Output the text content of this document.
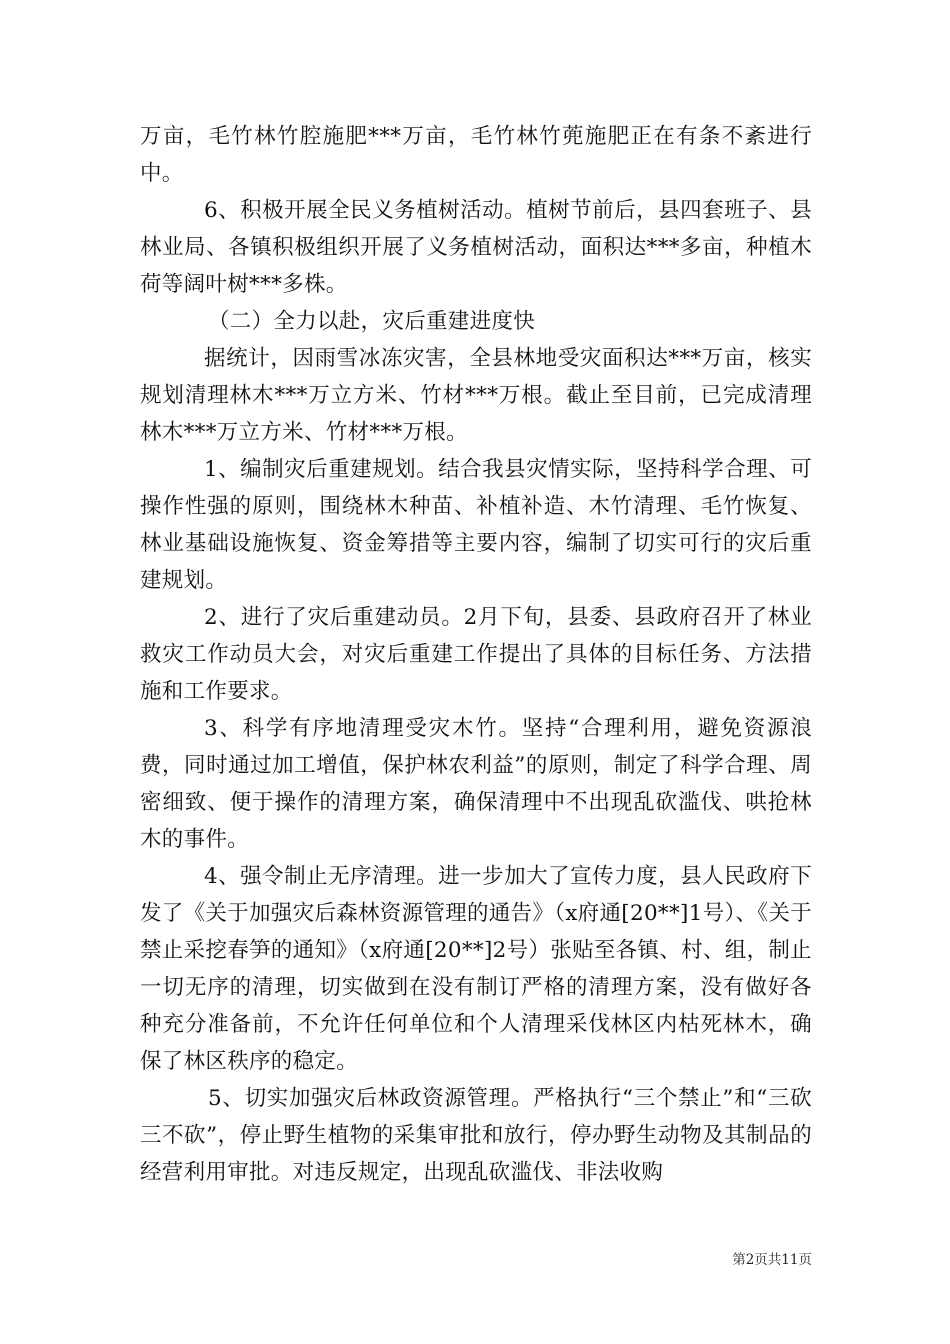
万亩，毛竹林竹腔施肥***万亩，毛竹林竹蔸施肥正在有条不紊进行中。

6、积极开展全民义务植树活动。植树节前后，县四套班子、县林业局、各镇积极组织开展了义务植树活动，面积达***多亩，种植木荷等阔叶树***多株。

（二）全力以赴，灾后重建进度快

据统计，因雨雪冰冻灾害，全县林地受灾面积达***万亩，核实规划清理林木***万立方米、竹材***万根。截止至目前，已完成清理林木***万立方米、竹材***万根。

1、编制灾后重建规划。结合我县灾情实际，坚持科学合理、可操作性强的原则，围绕林木种苗、补植补造、木竹清理、毛竹恢复、林业基础设施恢复、资金筹措等主要内容，编制了切实可行的灾后重建规划。

2、进行了灾后重建动员。2月下旬，县委、县政府召开了林业救灾工作动员大会，对灾后重建工作提出了具体的目标任务、方法措施和工作要求。

3、科学有序地清理受灾木竹。坚持“合理利用，避免资源浪费，同时通过加工增值，保护林农利益”的原则，制定了科学合理、周密细致、便于操作的清理方案，确保清理中不出现乱砍滥伐、哄抢林木的事件。

4、强令制止无序清理。进一步加大了宣传力度，县人民政府下发了《关于加强灾后森林资源管理的通告》（x府通[20**]1号）、《关于禁止采挖春笋的通知》（x府通[20**]2号）张贴至各镇、村、组，制止一切无序的清理，切实做到在没有制订严格的清理方案，没有做好各种充分准备前，不允许任何单位和个人清理采伐林区内枯死林木，确保了林区秩序的稳定。

5、切实加强灾后林政资源管理。严格执行“三个禁止”和“三砍三不砍”，停止野生植物的采集审批和放行，停办野生动物及其制品的经营利用审批。对违反规定，出现乱砍滥伐、非法收购

第2页共11页
